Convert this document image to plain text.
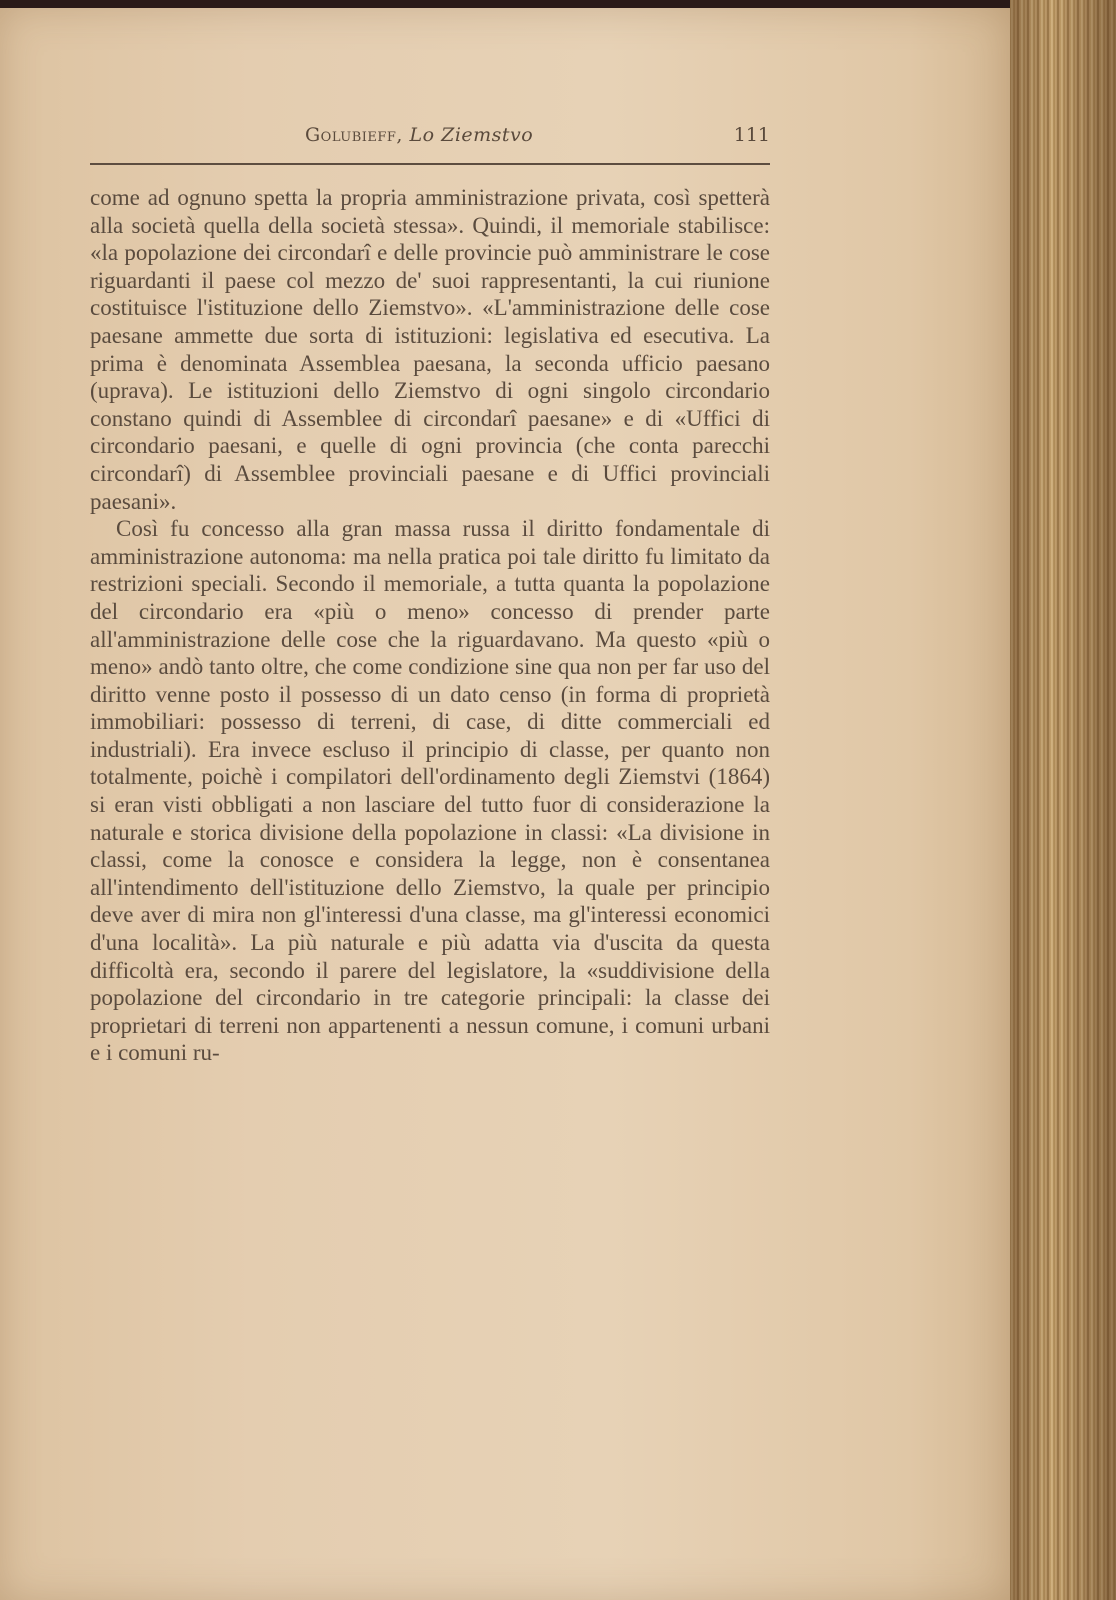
Golubieff, Lo Ziemstvo	111

come ad ognuno spetta la propria amministrazione privata, così spetterà alla società quella della società stessa». Quindi, il memoriale stabilisce: «la popolazione dei circondarî e delle provincie può amministrare le cose riguardanti il paese col mezzo de' suoi rappresentanti, la cui riunione costituisce l'istituzione dello Ziemstvo». «L'amministrazione delle cose paesane ammette due sorta di istituzioni: legislativa ed esecutiva. La prima è denominata Assemblea paesana, la seconda ufficio paesano (uprava). Le istituzioni dello Ziemstvo di ogni singolo circondario constano quindi di Assemblee di circondarî paesane» e di «Uffici di circondario paesani, e quelle di ogni provincia (che conta parecchi circondarî) di Assemblee provinciali paesane e di Uffici provinciali paesani».

Così fu concesso alla gran massa russa il diritto fondamentale di amministrazione autonoma: ma nella pratica poi tale diritto fu limitato da restrizioni speciali. Secondo il memoriale, a tutta quanta la popolazione del circondario era «più o meno» concesso di prender parte all'amministrazione delle cose che la riguardavano. Ma questo «più o meno» andò tanto oltre, che come condizione sine qua non per far uso del diritto venne posto il possesso di un dato censo (in forma di proprietà immobiliari: possesso di terreni, di case, di ditte commerciali ed industriali). Era invece escluso il principio di classe, per quanto non totalmente, poichè i compilatori dell'ordinamento degli Ziemstvi (1864) si eran visti obbligati a non lasciare del tutto fuor di considerazione la naturale e storica divisione della popolazione in classi: «La divisione in classi, come la conosce e considera la legge, non è consentanea all'intendimento dell'istituzione dello Ziemstvo, la quale per principio deve aver di mira non gl'interessi d'una classe, ma gl'interessi economici d'una località». La più naturale e più adatta via d'uscita da questa difficoltà era, secondo il parere del legislatore, la «suddivisione della popolazione del circondario in tre categorie principali: la classe dei proprietari di terreni non appartenenti a nessun comune, i comuni urbani e i comuni ru-
